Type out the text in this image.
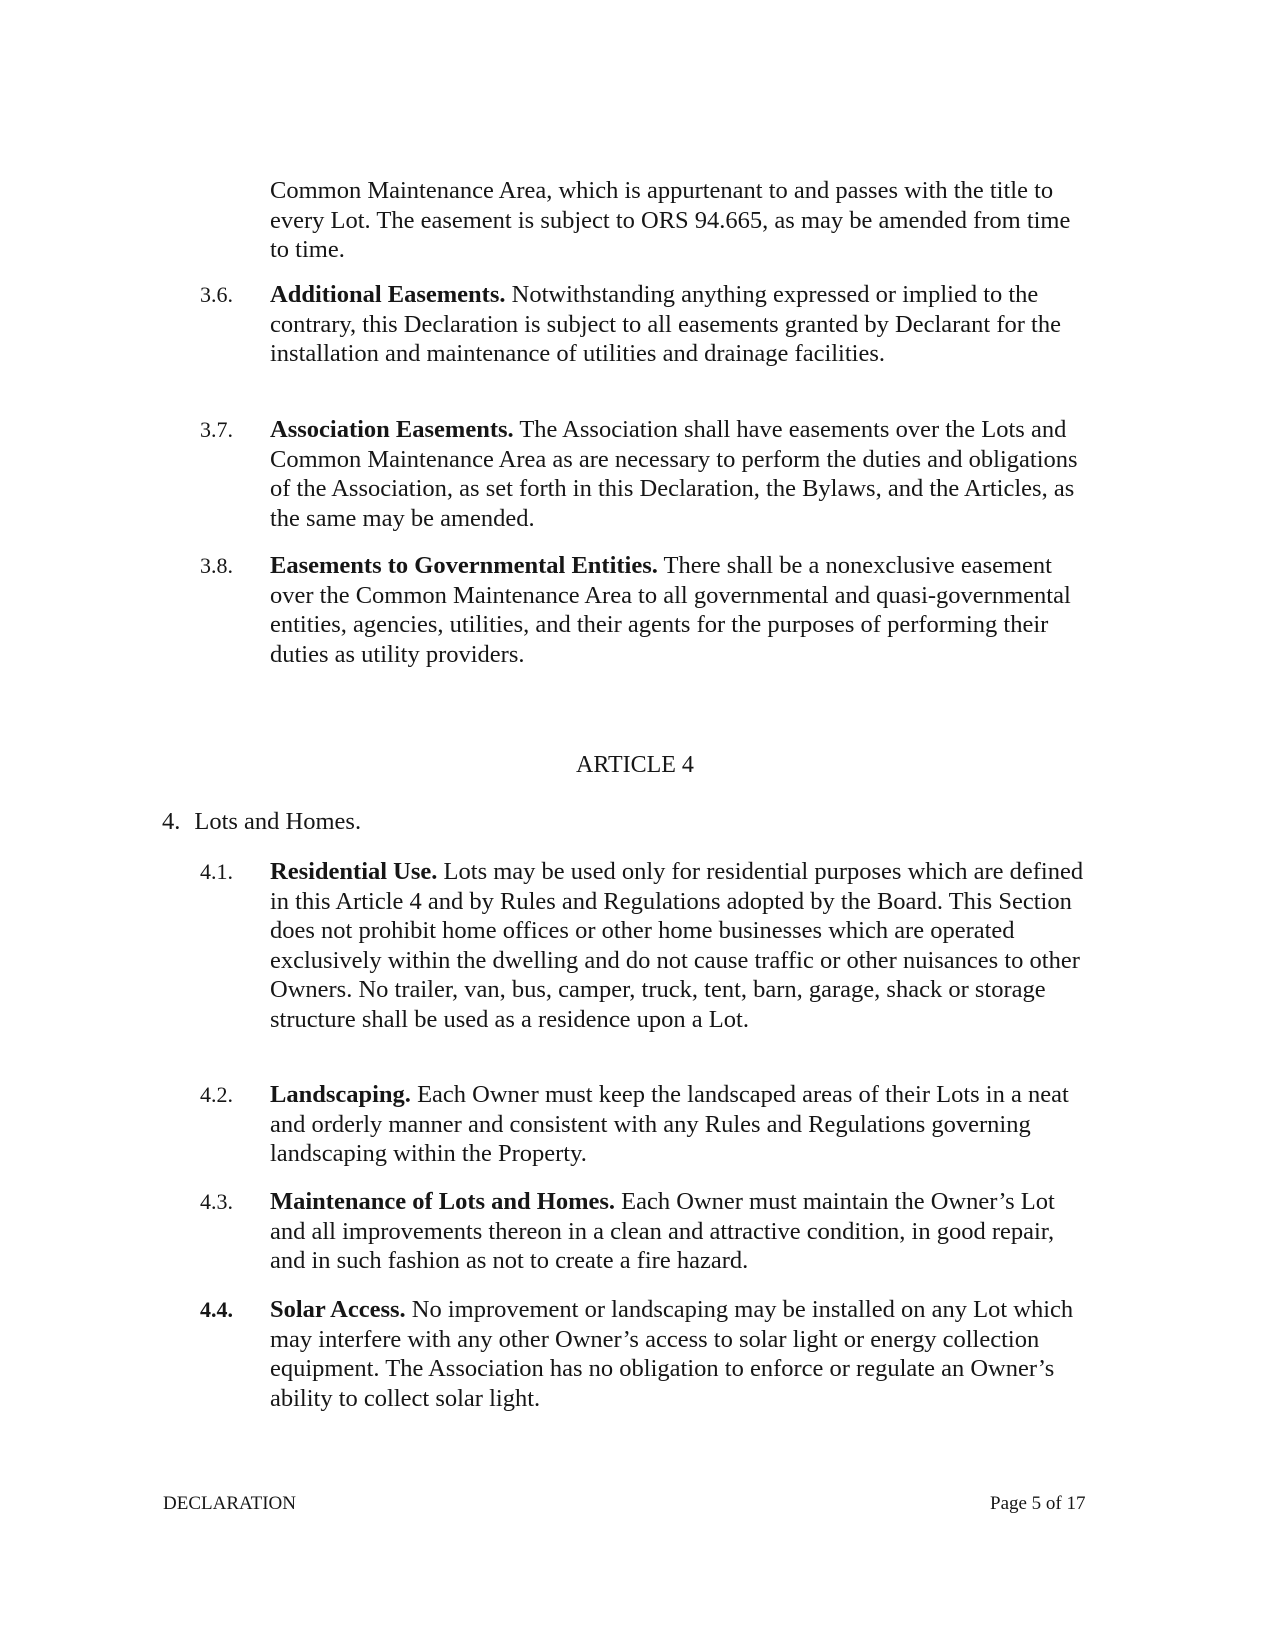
Common Maintenance Area, which is appurtenant to and passes with the title to every Lot. The easement is subject to ORS 94.665, as may be amended from time to time.
3.6. Additional Easements. Notwithstanding anything expressed or implied to the contrary, this Declaration is subject to all easements granted by Declarant for the installation and maintenance of utilities and drainage facilities.
3.7. Association Easements. The Association shall have easements over the Lots and Common Maintenance Area as are necessary to perform the duties and obligations of the Association, as set forth in this Declaration, the Bylaws, and the Articles, as the same may be amended.
3.8. Easements to Governmental Entities. There shall be a nonexclusive easement over the Common Maintenance Area to all governmental and quasi-governmental entities, agencies, utilities, and their agents for the purposes of performing their duties as utility providers.
ARTICLE 4
4. Lots and Homes.
4.1. Residential Use. Lots may be used only for residential purposes which are defined in this Article 4 and by Rules and Regulations adopted by the Board. This Section does not prohibit home offices or other home businesses which are operated exclusively within the dwelling and do not cause traffic or other nuisances to other Owners. No trailer, van, bus, camper, truck, tent, barn, garage, shack or storage structure shall be used as a residence upon a Lot.
4.2. Landscaping. Each Owner must keep the landscaped areas of their Lots in a neat and orderly manner and consistent with any Rules and Regulations governing landscaping within the Property.
4.3. Maintenance of Lots and Homes. Each Owner must maintain the Owner’s Lot and all improvements thereon in a clean and attractive condition, in good repair, and in such fashion as not to create a fire hazard.
4.4. Solar Access. No improvement or landscaping may be installed on any Lot which may interfere with any other Owner’s access to solar light or energy collection equipment. The Association has no obligation to enforce or regulate an Owner’s ability to collect solar light.
DECLARATION	Page 5 of 17
